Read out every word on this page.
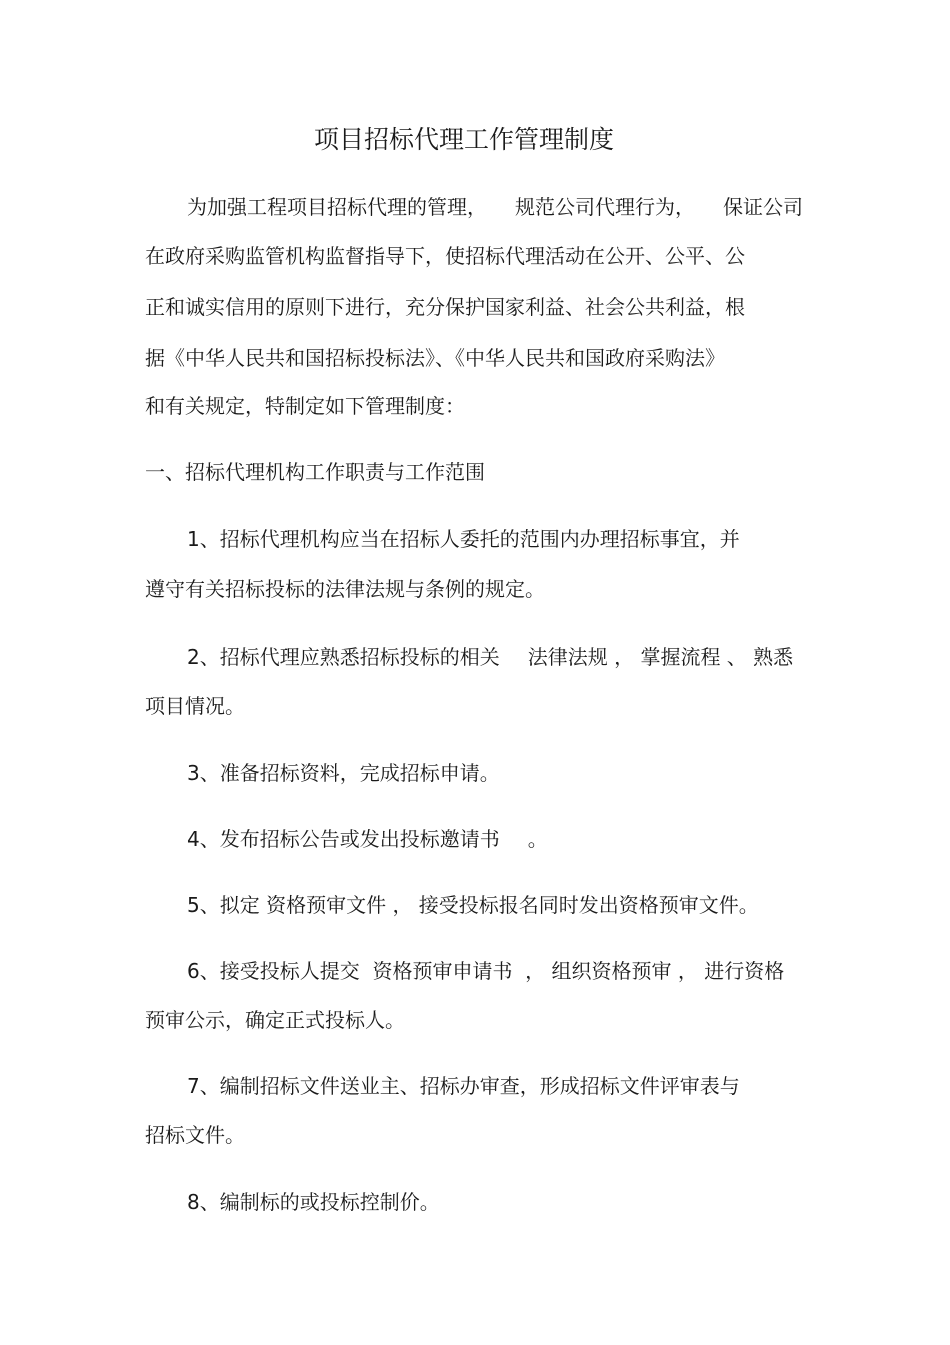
项目招标代理工作管理制度

为加强工程项目招标代理的管理， 规范公司代理行为， 保证公司

在政府采购监管机构监督指导下，使招标代理活动在公开、公平、公

正和诚实信用的原则下进行，充分保护国家利益、社会公共利益，根

据《中华人民共和国招标投标法》、《中华人民共和国政府采购法》

和有关规定，特制定如下管理制度：

一、招标代理机构工作职责与工作范围

1、招标代理机构应当在招标人委托的范围内办理招标事宜，并

遵守有关招标投标的法律法规与条例的规定。

2、招标代理应熟悉招标投标的相关 法律法规 ， 掌握流程 、 熟悉

项目情况。

3、准备招标资料，完成招标申请。

4、发布招标公告或发出投标邀请书 。

5、拟定 资格预审文件 ， 接受投标报名同时发出资格预审文件。

6、接受投标人提交  资格预审申请书  ， 组织资格预审 ， 进行资格

预审公示，确定正式投标人。

7、编制招标文件送业主、招标办审查，形成招标文件评审表与

招标文件。

8、编制标的或投标控制价。
